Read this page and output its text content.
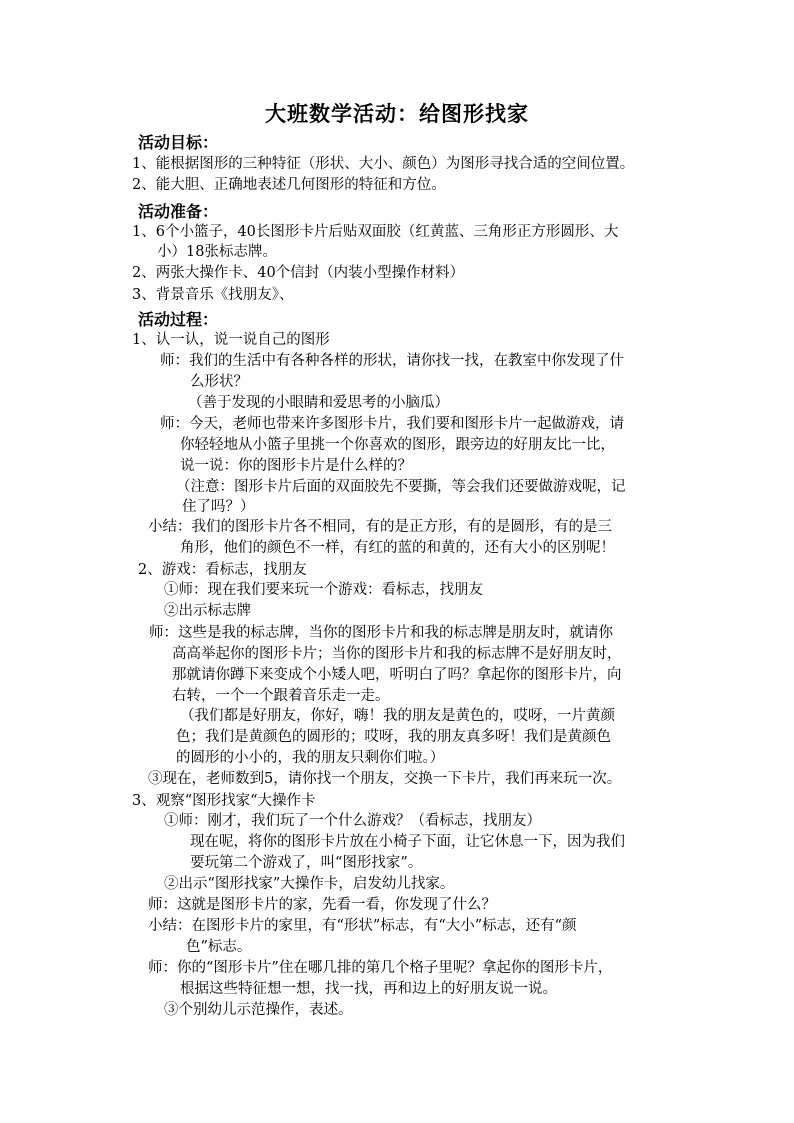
大班数学活动：给图形找家
活动目标：
1、能根据图形的三种特征（形状、大小、颜色）为图形寻找合适的空间位置。
2、能大胆、正确地表述几何图形的特征和方位。
活动准备：
1、6个小篮子，40长图形卡片后贴双面胶（红黄蓝、三角形正方形圆形、大
小）18张标志牌。
2、两张大操作卡、40个信封（内装小型操作材料）
3、背景音乐《找朋友》、
活动过程：
1、认一认，说一说自己的图形
师：我们的生活中有各种各样的形状，请你找一找，在教室中你发现了什
么形状？
（善于发现的小眼睛和爱思考的小脑瓜）
师：今天，老师也带来许多图形卡片，我们要和图形卡片一起做游戏，请
你轻轻地从小篮子里挑一个你喜欢的图形，跟旁边的好朋友比一比，
说一说：你的图形卡片是什么样的？
（注意：图形卡片后面的双面胶先不要撕，等会我们还要做游戏呢，记
住了吗？）
小结：我们的图形卡片各不相同，有的是正方形，有的是圆形，有的是三
角形，他们的颜色不一样，有红的蓝的和黄的，还有大小的区别呢！
2、游戏：看标志，找朋友
①师：现在我们要来玩一个游戏：看标志，找朋友
②出示标志牌
师：这些是我的标志牌，当你的图形卡片和我的标志牌是朋友时，就请你
高高举起你的图形卡片；当你的图形卡片和我的标志牌不是好朋友时，
那就请你蹲下来变成个小矮人吧，听明白了吗？拿起你的图形卡片，向
右转，一个一个跟着音乐走一走。
（我们都是好朋友，你好，嗨！我的朋友是黄色的，哎呀，一片黄颜
色；我们是黄颜色的圆形的；哎呀，我的朋友真多呀！我们是黄颜色
的圆形的小小的，我的朋友只剩你们啦。）
③现在，老师数到5，请你找一个朋友，交换一下卡片，我们再来玩一次。
3、观察“图形找家“大操作卡
①师：刚才，我们玩了一个什么游戏？（看标志，找朋友）
现在呢，将你的图形卡片放在小椅子下面，让它休息一下，因为我们
要玩第二个游戏了，叫“图形找家”。
②出示“图形找家”大操作卡，启发幼儿找家。
师：这就是图形卡片的家，先看一看，你发现了什么？
小结：在图形卡片的家里，有“形状”标志，有“大小”标志，还有“颜
色”标志。
师：你的“图形卡片”住在哪几排的第几个格子里呢？拿起你的图形卡片，
根据这些特征想一想，找一找，再和边上的好朋友说一说。
③个别幼儿示范操作，表述。
